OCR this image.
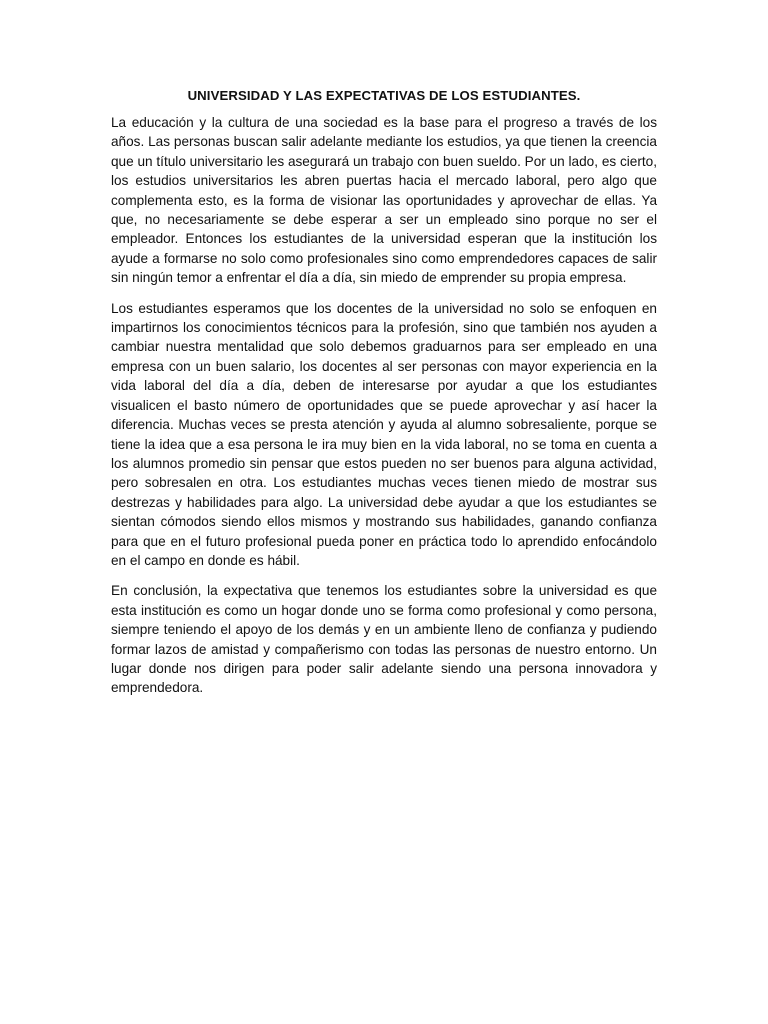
UNIVERSIDAD Y LAS EXPECTATIVAS DE LOS ESTUDIANTES.

La educación y la cultura de una sociedad es la base para el progreso a través de los años. Las personas buscan salir adelante mediante los estudios, ya que tienen la creencia que un título universitario les asegurará un trabajo con buen sueldo. Por un lado, es cierto, los estudios universitarios les abren puertas hacia el mercado laboral, pero algo que complementa esto, es la forma de visionar las oportunidades y aprovechar de ellas. Ya que, no necesariamente se debe esperar a ser un empleado sino porque no ser el empleador. Entonces los estudiantes de la universidad esperan que la institución los ayude a formarse no solo como profesionales sino como emprendedores capaces de salir sin ningún temor a enfrentar el día a día, sin miedo de emprender su propia empresa.

Los estudiantes esperamos que los docentes de la universidad no solo se enfoquen en impartirnos los conocimientos técnicos para la profesión, sino que también nos ayuden a cambiar nuestra mentalidad que solo debemos graduarnos para ser empleado en una empresa con un buen salario, los docentes al ser personas con mayor experiencia en la vida laboral del día a día, deben de interesarse por ayudar a que los estudiantes visualicen el basto número de oportunidades que se puede aprovechar y así hacer la diferencia. Muchas veces se presta atención y ayuda al alumno sobresaliente, porque se tiene la idea que a esa persona le ira muy bien en la vida laboral, no se toma en cuenta a los alumnos promedio sin pensar que estos pueden no ser buenos para alguna actividad, pero sobresalen en otra. Los estudiantes muchas veces tienen miedo de mostrar sus destrezas y habilidades para algo. La universidad debe ayudar a que los estudiantes se sientan cómodos siendo ellos mismos y mostrando sus habilidades, ganando confianza para que en el futuro profesional pueda poner en práctica todo lo aprendido enfocándolo en el campo en donde es hábil.

En conclusión, la expectativa que tenemos los estudiantes sobre la universidad es que esta institución es como un hogar donde uno se forma como profesional y como persona, siempre teniendo el apoyo de los demás y en un ambiente lleno de confianza y pudiendo formar lazos de amistad y compañerismo con todas las personas de nuestro entorno. Un lugar donde nos dirigen para poder salir adelante siendo una persona innovadora y emprendedora.
